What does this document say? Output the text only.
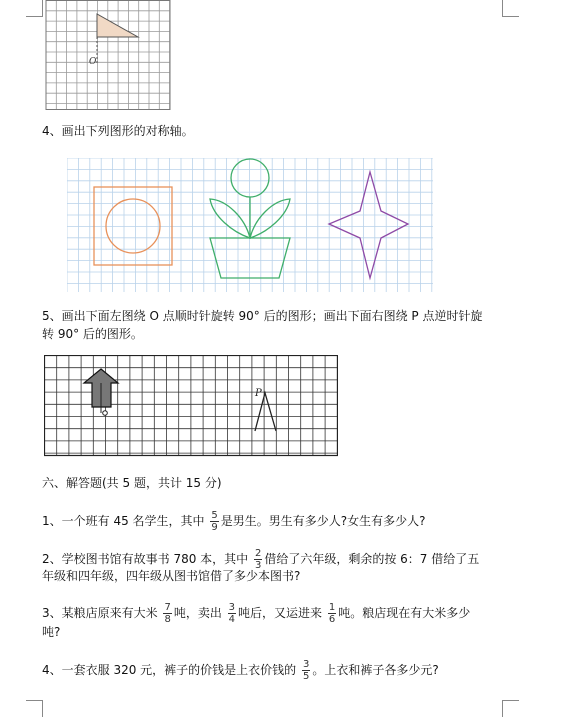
O
4、画出下列图形的对称轴。
5、画出下面左图绕 O 点顺时针旋转 90° 后的图形；画出下面右图绕 P 点逆时针旋
转 90° 后的图形。
P
六、解答题(共 5 题，共计 15 分)
1、一个班有 45 名学生，其中 $\frac{5}{9}$ 是男生。男生有多少人?女生有多少人?
2、学校图书馆有故事书 780 本，其中 $\frac{2}{3}$ 借给了六年级，剩余的按 6：7 借给了五
年级和四年级，四年级从图书馆借了多少本图书?
3、某粮店原来有大米 $\frac{7}{8}$ 吨，卖出 $\frac{3}{4}$ 吨后，又运进来 $\frac{1}{6}$ 吨。粮店现在有大米多少
吨?
4、一套衣服 320 元，裤子的价钱是上衣价钱的 $\frac{3}{5}$ 。上衣和裤子各多少元?
